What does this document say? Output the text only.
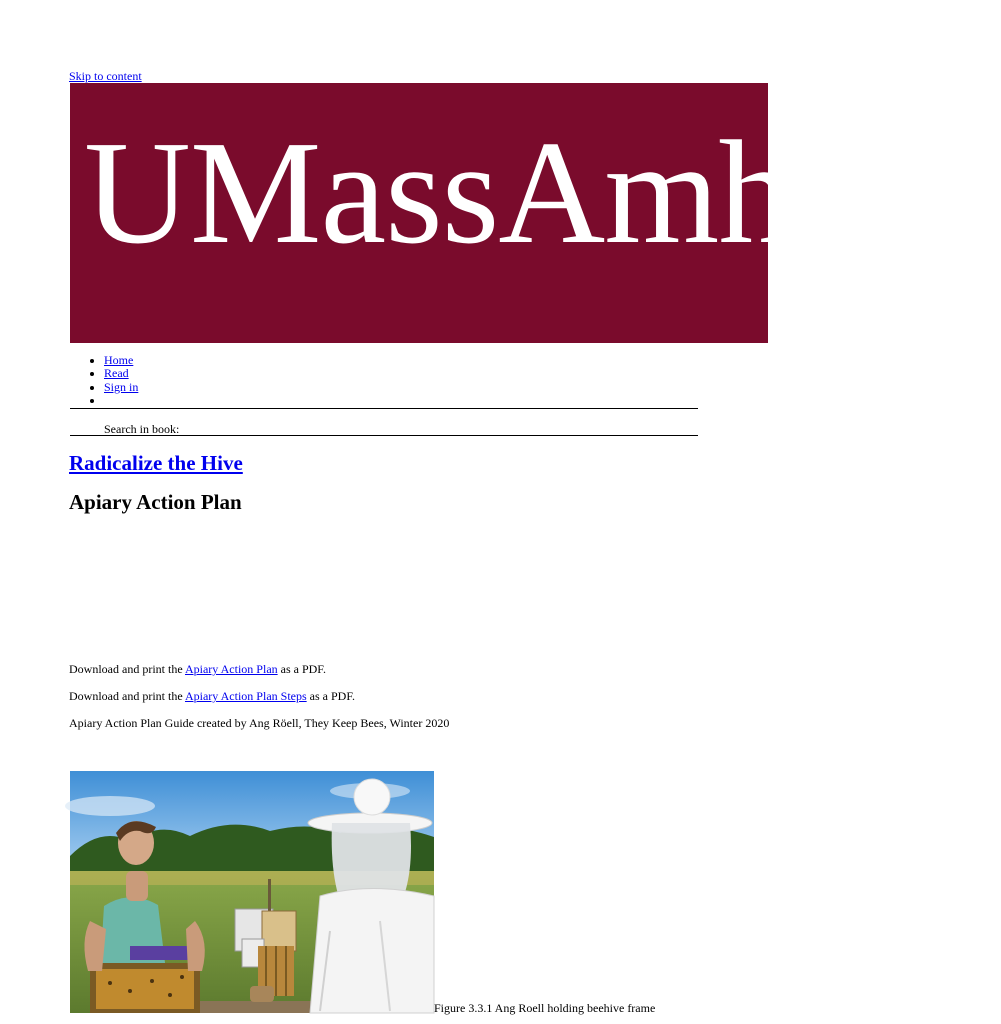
Skip to content
UMassAmherst
• Home
• Read
• Sign in
•
Search in book:
Radicalize the Hive
Apiary Action Plan

Download and print the Apiary Action Plan as a PDF.

Download and print the Apiary Action Plan Steps as a PDF.

Apiary Action Plan Guide created by Ang Röell, They Keep Bees, Winter 2020

Figure 3.3.1 Ang Roell holding beehive frame
